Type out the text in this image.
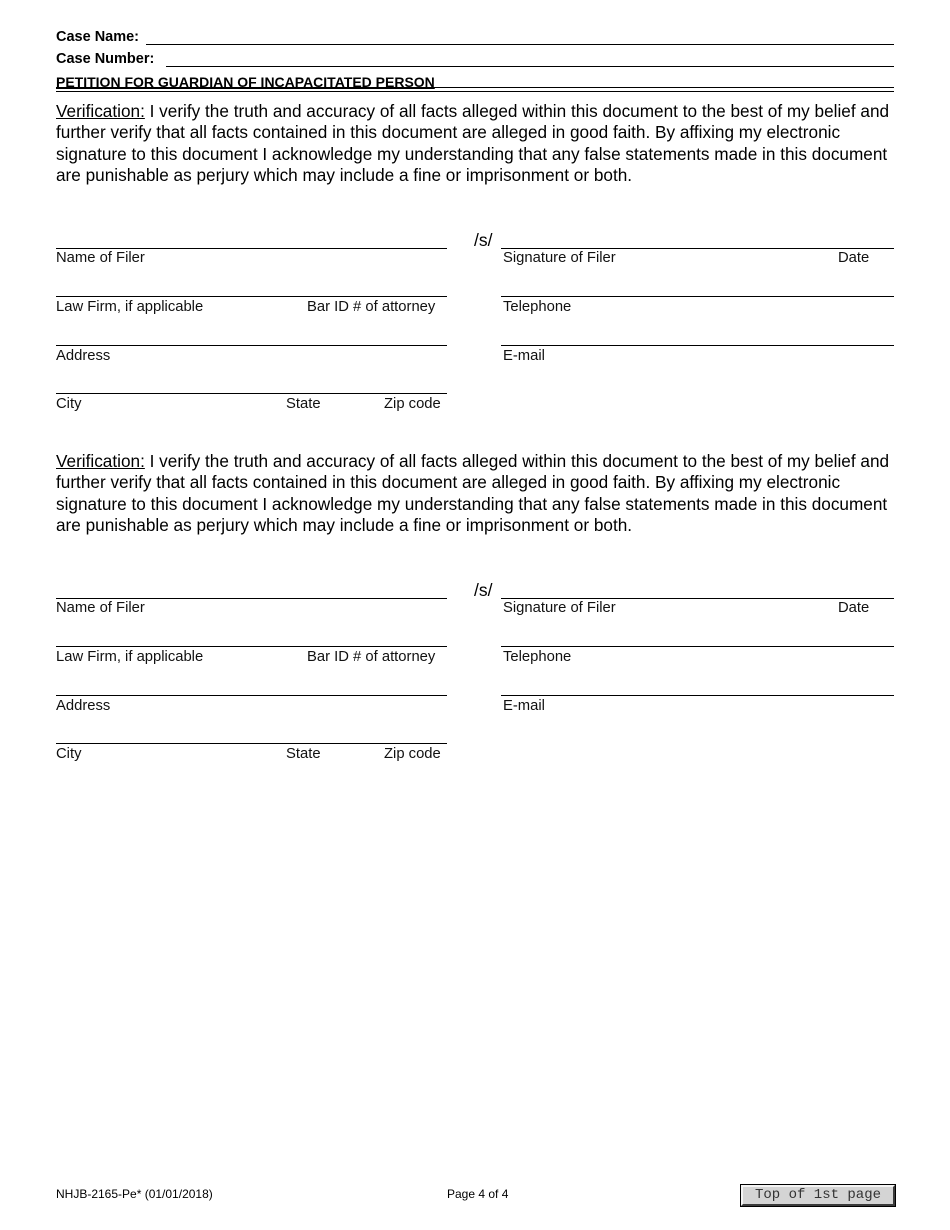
Case Name:
Case Number:
PETITION FOR GUARDIAN OF INCAPACITATED PERSON
Verification: I verify the truth and accuracy of all facts alleged within this document to the best of my belief and further verify that all facts contained in this document are alleged in good faith. By affixing my electronic signature to this document I acknowledge my understanding that any false statements made in this document are punishable as perjury which may include a fine or imprisonment or both.
/s/
Name of Filer	Signature of Filer	Date
Law Firm, if applicable	Bar ID # of attorney	Telephone
Address	E-mail
City	State	Zip code
Verification: I verify the truth and accuracy of all facts alleged within this document to the best of my belief and further verify that all facts contained in this document are alleged in good faith. By affixing my electronic signature to this document I acknowledge my understanding that any false statements made in this document are punishable as perjury which may include a fine or imprisonment or both.
/s/
Name of Filer	Signature of Filer	Date
Law Firm, if applicable	Bar ID # of attorney	Telephone
Address	E-mail
City	State	Zip code
NHJB-2165-Pe* (01/01/2018)	Page 4 of 4	Top of 1st page
